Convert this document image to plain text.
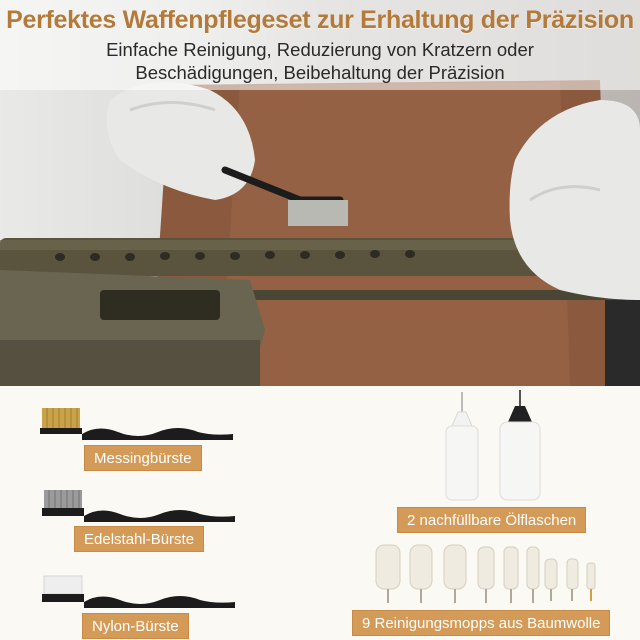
Perfektes Waffenpflegeset zur Erhaltung der Präzision
Einfache Reinigung, Reduzierung von Kratzern oder
Beschädigungen, Beibehaltung der Präzision
Messingbürste
Edelstahl-Bürste
Nylon-Bürste
2 nachfüllbare Ölflaschen
9 Reinigungsmopps aus Baumwolle
